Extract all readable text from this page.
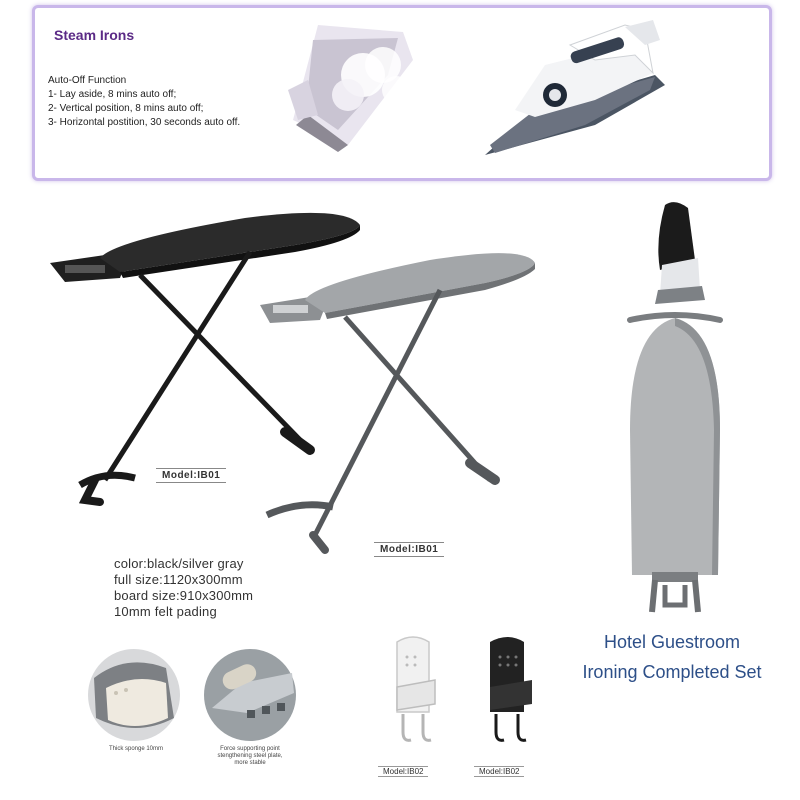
Steam Irons
Auto-Off Function
1- Lay aside, 8 mins auto off;
2- Vertical position, 8 mins auto off;
3- Horizontal postition, 30 seconds auto off.
Model:IB01
Model:IB01
color:black/silver gray
full size:1120x300mm
board size:910x300mm
10mm felt pading
Hotel Guestroom
Ironing Completed Set
Thick sponge 10mm	Force supporting point
stengthening steel plate,
more stable
Model:IB02	Model:IB02
